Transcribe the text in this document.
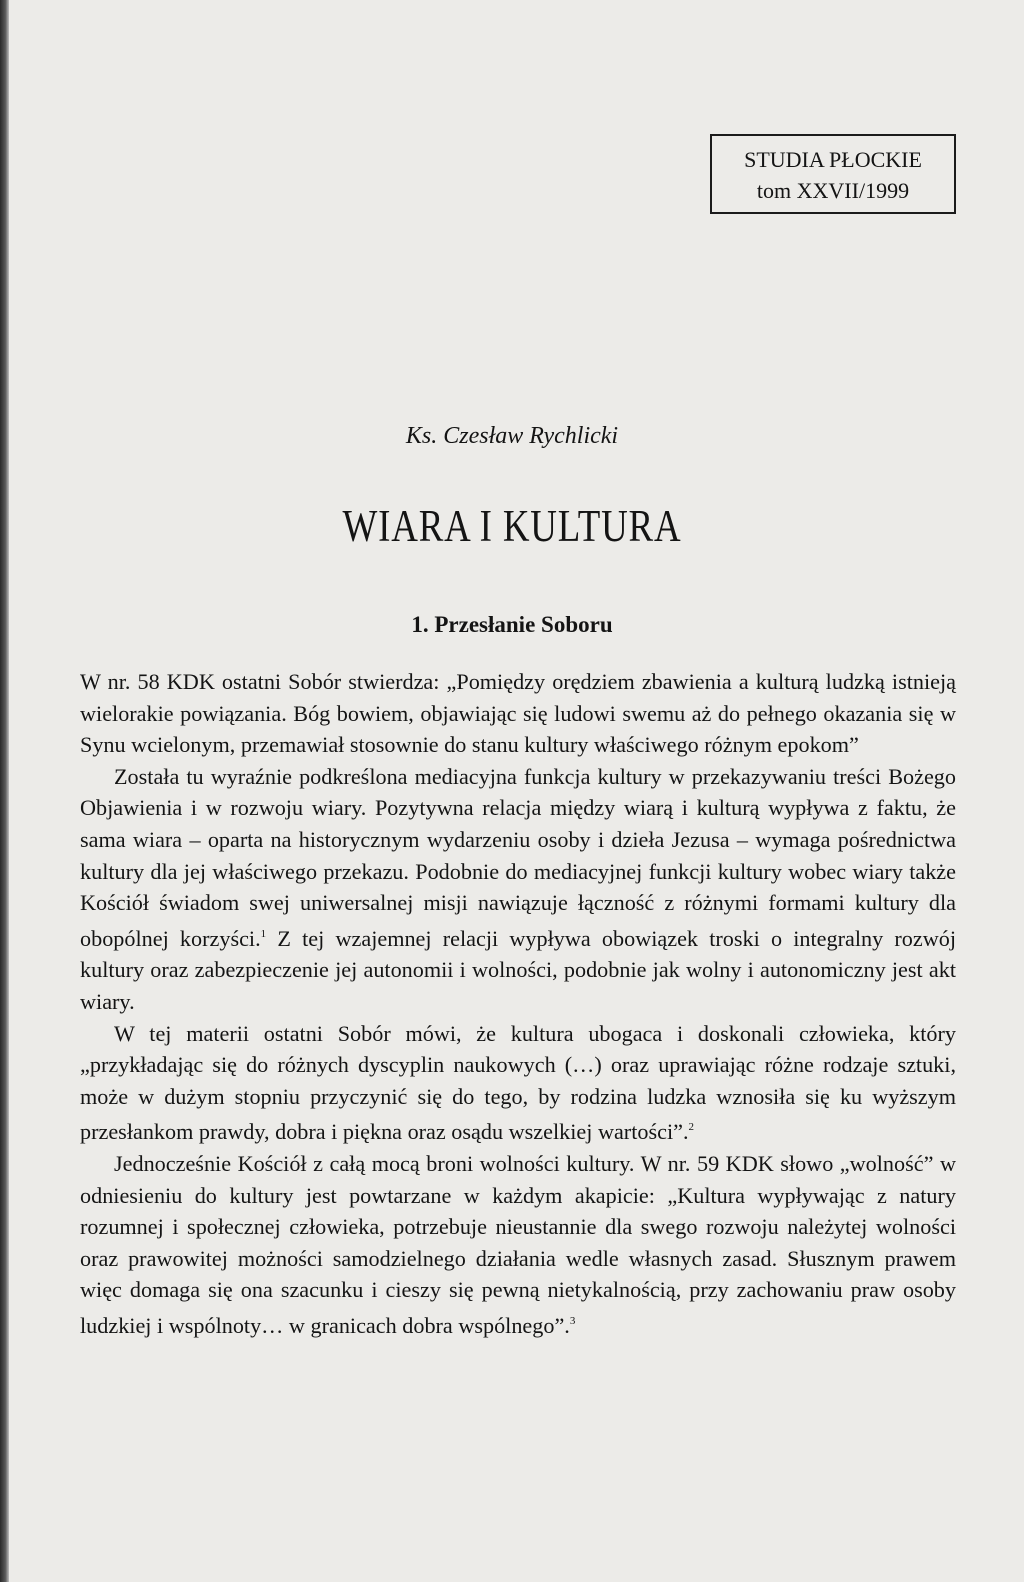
STUDIA PŁOCKIE
tom XXVII/1999
Ks. Czesław Rychlicki
WIARA I KULTURA
1. Przesłanie Soboru

W nr. 58 KDK ostatni Sobór stwierdza: „Pomiędzy orędziem zbawienia a kulturą ludzką istnieją wielorakie powiązania. Bóg bowiem, objawiając się ludowi swemu aż do pełnego okazania się w Synu wcielonym, przemawiał stosownie do stanu kultury właściwego różnym epokom”

Została tu wyraźnie podkreślona mediacyjna funkcja kultury w przekazywaniu treści Bożego Objawienia i w rozwoju wiary. Pozytywna relacja między wiarą i kulturą wypływa z faktu, że sama wiara – oparta na historycznym wydarzeniu osoby i dzieła Jezusa – wymaga pośrednictwa kultury dla jej właściwego przekazu. Podobnie do mediacyjnej funkcji kultury wobec wiary także Kościół świadom swej uniwersalnej misji nawiązuje łączność z różnymi formami kultury dla obopólnej korzyści.$^1$ Z tej wzajemnej relacji wypływa obowiązek troski o integralny rozwój kultury oraz zabezpieczenie jej autonomii i wolności, podobnie jak wolny i autonomiczny jest akt wiary.

W tej materii ostatni Sobór mówi, że kultura ubogaca i doskonali człowieka, który „przykładając się do różnych dyscyplin naukowych (…) oraz uprawiając różne rodzaje sztuki, może w dużym stopniu przyczynić się do tego, by rodzina ludzka wznosiła się ku wyższym przesłankom prawdy, dobra i piękna oraz osądu wszelkiej wartości”.$^2$

Jednocześnie Kościół z całą mocą broni wolności kultury. W nr. 59 KDK słowo „wolność” w odniesieniu do kultury jest powtarzane w każdym akapicie: „Kultura wypływając z natury rozumnej i społecznej człowieka, potrzebuje nieustannie dla swego rozwoju należytej wolności oraz prawowitej możności samodzielnego działania wedle własnych zasad. Słusznym prawem więc domaga się ona szacunku i cieszy się pewną nietykalnością, przy zachowaniu praw osoby ludzkiej i wspólnoty… w granicach dobra wspólnego”.$^3$
